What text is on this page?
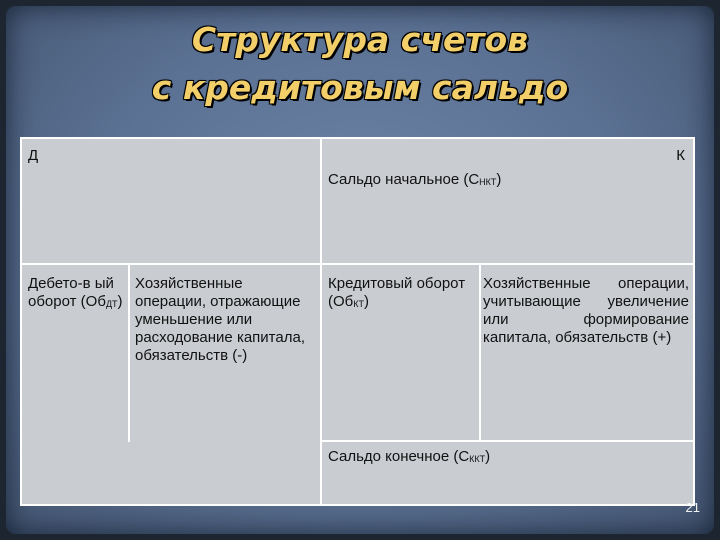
Структура счетов
с кредитовым сальдо
Д	К
Сальдо начальное $(С_{НКТ})$
Дебето-в ый оборот $(Об_{ДТ})$
Хозяйственные операции, отражающие уменьшение или расходование капитала, обязательств (-)
Кредитовый оборот $(Об_{КТ})$
Хозяйственные операции, учитывающие увеличение или формирование капитала, обязательств (+)
Сальдо конечное $(С_{ККТ})$
21
